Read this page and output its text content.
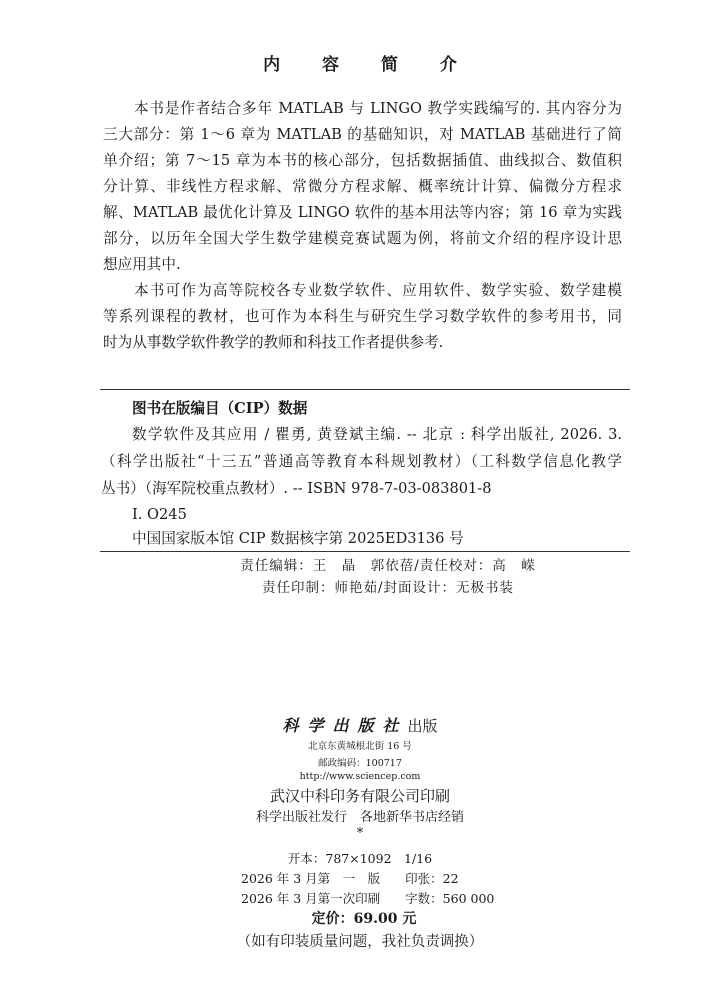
内 容 简 介
本书是作者结合多年 MATLAB 与 LINGO 教学实践编写的. 其内容分为
三大部分：第 1～6 章为 MATLAB 的基础知识，对 MATLAB 基础进行了简
单介绍；第 7～15 章为本书的核心部分，包括数据插值、曲线拟合、数值积
分计算、非线性方程求解、常微分方程求解、概率统计计算、偏微分方程求
解、MATLAB 最优化计算及 LINGO 软件的基本用法等内容；第 16 章为实践
部分，以历年全国大学生数学建模竞赛试题为例，将前文介绍的程序设计思
想应用其中.
本书可作为高等院校各专业数学软件、应用软件、数学实验、数学建模
等系列课程的教材，也可作为本科生与研究生学习数学软件的参考用书，同
时为从事数学软件教学的教师和科技工作者提供参考.
图书在版编目（CIP）数据
数学软件及其应用 / 瞿勇, 黄登斌主编. -- 北京 : 科学出版社, 2026. 3.
（科学出版社“十三五”普通高等教育本科规划教材）（工科数学信息化教学
丛书）（海军院校重点教材）. -- ISBN 978-7-03-083801-8
I. O245
中国国家版本馆 CIP 数据核字第 2025ED3136 号
责任编辑：王　晶　郭依蓓/责任校对：高　嵘
责任印制：师艳茹/封面设计：无极书装
科学出版社出版
北京东黄城根北街 16 号
邮政编码：100717
http://www.sciencep.com
武汉中科印务有限公司印刷
科学出版社发行　各地新华书店经销
*
开本：787×1092　1/16
2026 年 3 月第　一　版　　印张：22
2026 年 3 月第一次印刷　　字数：560 000
定价：69.00 元
（如有印装质量问题，我社负责调换）
